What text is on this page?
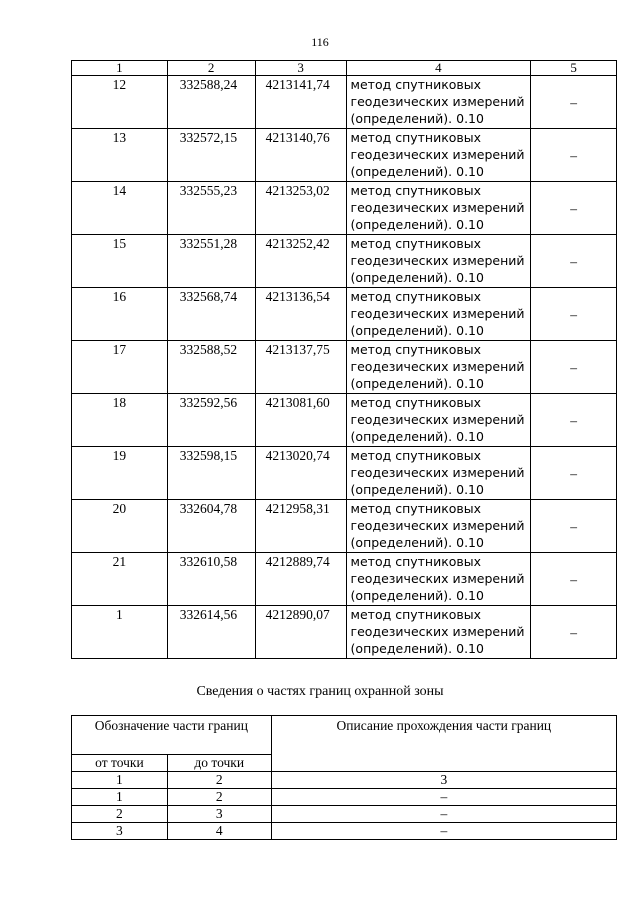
116
1	2	3	4	5
12	332588,24	4213141,74	метод спутниковых
геодезических измерений
(определений). 0.10	–
13	332572,15	4213140,76	метод спутниковых
геодезических измерений
(определений). 0.10	–
14	332555,23	4213253,02	метод спутниковых
геодезических измерений
(определений). 0.10	–
15	332551,28	4213252,42	метод спутниковых
геодезических измерений
(определений). 0.10	–
16	332568,74	4213136,54	метод спутниковых
геодезических измерений
(определений). 0.10	–
17	332588,52	4213137,75	метод спутниковых
геодезических измерений
(определений). 0.10	–
18	332592,56	4213081,60	метод спутниковых
геодезических измерений
(определений). 0.10	–
19	332598,15	4213020,74	метод спутниковых
геодезических измерений
(определений). 0.10	–
20	332604,78	4212958,31	метод спутниковых
геодезических измерений
(определений). 0.10	–
21	332610,58	4212889,74	метод спутниковых
геодезических измерений
(определений). 0.10	–
1	332614,56	4212890,07	метод спутниковых
геодезических измерений
(определений). 0.10	–
Сведения о частях границ охранной зоны
Обозначение части границ		Описание прохождения части границ
от точки	до точки	
1	2	3
1	2	–
2	3	–
3	4	–
